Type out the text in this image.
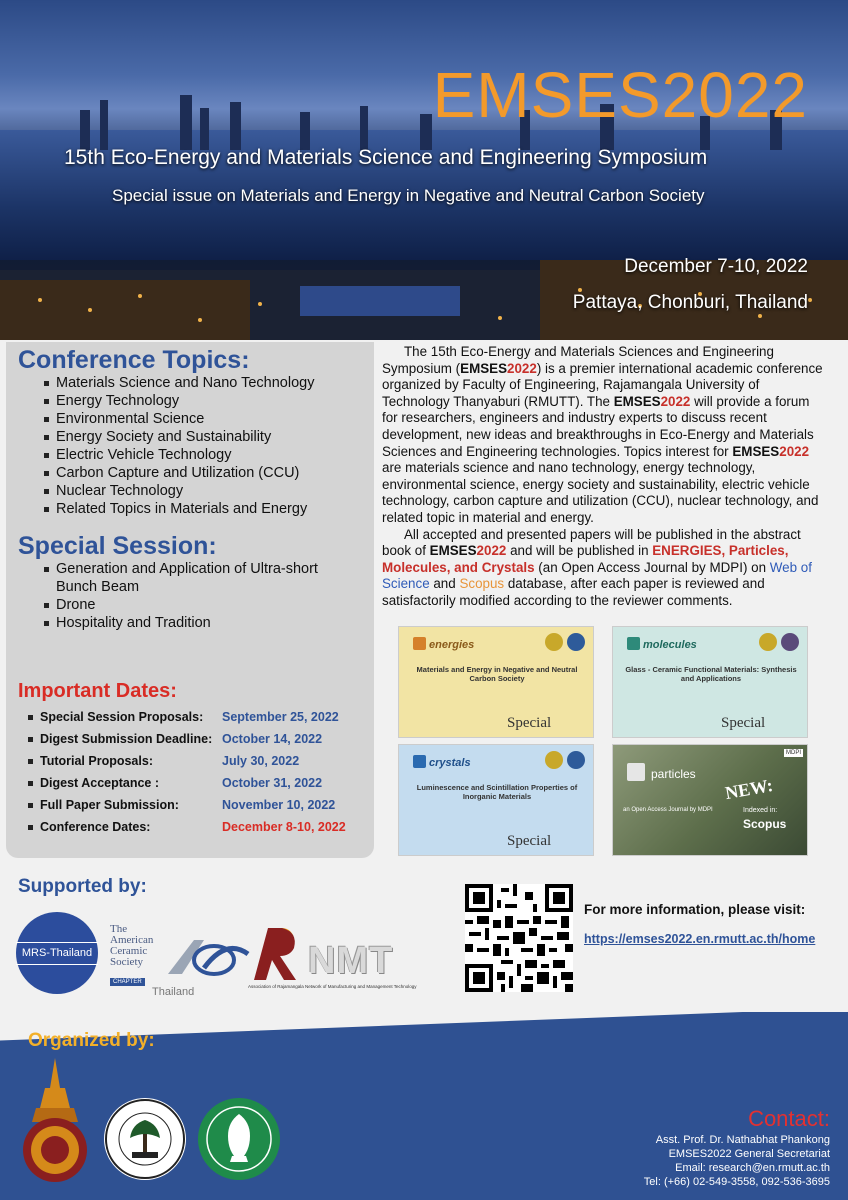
EMSES2022
15th Eco-Energy and Materials Science and Engineering Symposium
Special issue on Materials and Energy in Negative and Neutral Carbon Society
December 7-10, 2022
Pattaya, Chonburi, Thailand
Conference Topics:
Materials Science and Nano Technology
Energy Technology
Environmental Science
Energy Society and Sustainability
Electric Vehicle Technology
Carbon Capture and Utilization (CCU)
Nuclear Technology
Related Topics in Materials and Energy
Special Session:
Generation and Application of Ultra-short Bunch Beam
Drone
Hospitality and Tradition
Important Dates:
Special Session Proposals: September 25, 2022
Digest Submission Deadline: October 14, 2022
Tutorial Proposals:	July 30, 2022
Digest Acceptance :	October 31, 2022
Full Paper Submission:	November 10, 2022
Conference Dates:	December 8-10, 2022

The 15th Eco-Energy and Materials Sciences and Engineering Symposium (EMSES2022) is a premier international academic conference organized by Faculty of Engineering, Rajamangala University of Technology Thanyaburi (RMUTT). The EMSES2022 will provide a forum for researchers, engineers and industry experts to discuss recent development, new ideas and breakthroughs in Eco-Energy and Materials Sciences and Engineering technologies. Topics interest for EMSES2022 are materials science and nano technology, energy technology, environmental science, energy society and sustainability, electric vehicle technology, carbon capture and utilization (CCU), nuclear technology, and related topic in material and energy.

All accepted and presented papers will be published in the abstract book of EMSES2022 and will be published in ENERGIES, Particles, Molecules, and Crystals (an Open Access Journal by MDPI) on Web of Science and Scopus database, after each paper is reviewed and satisfactorily modified according to the reviewer comments.

energies
Materials and Energy in Negative and Neutral Carbon Society
Special
molecules
Glass - Ceramic Functional Materials: Synthesis and Applications
Special
crystals
Luminescence and Scintillation Properties of Inorganic Materials
Special
MDPI
particles
an Open Access Journal by MDPI
NEW:
Indexed in:
Scopus
Supported by:
MRS-Thailand
The
American
Ceramic
Society
CHAPTER
Thailand
NMT
Association of Rajamangala Network of Manufacturing and Management Technology
For more information, please visit:
https://emses2022.en.rmutt.ac.th/home
Organized by:
Contact:
Asst. Prof. Dr. Nathabhat Phankong
EMSES2022 General Secretariat
Email: research@en.rmutt.ac.th
Tel: (+66) 02-549-3558, 092-536-3695
